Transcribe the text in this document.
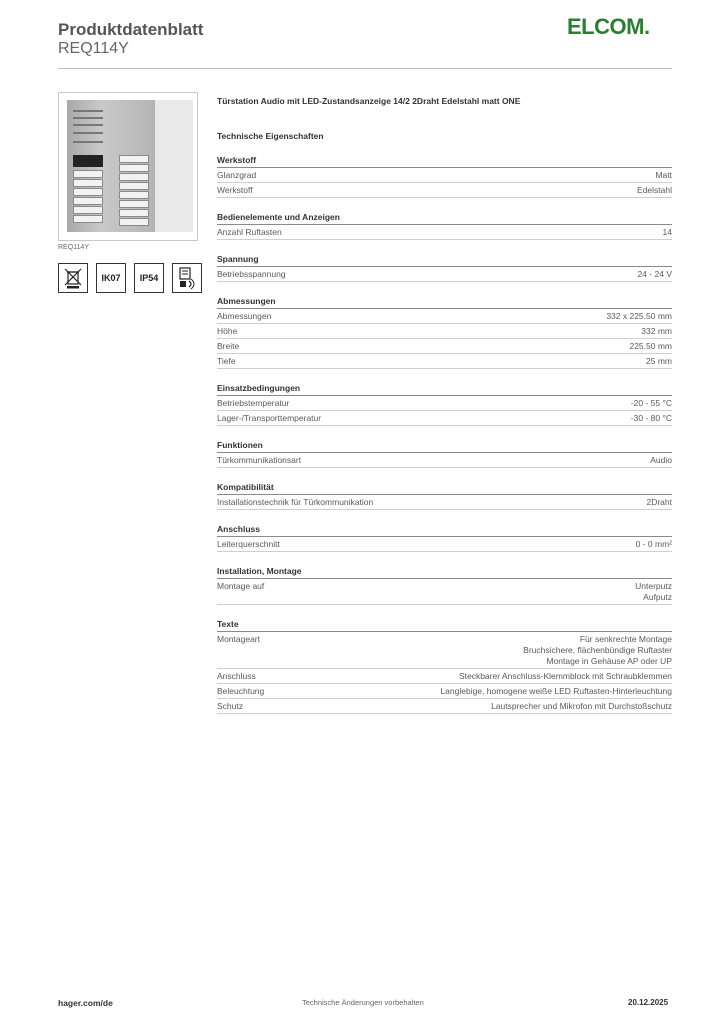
Produktdatenblatt
REQ114Y
ELCOM.
REQ114Y
IK07	IP54
Türstation Audio mit LED-Zustandsanzeige 14/2 2Draht Edelstahl matt ONE
Technische Eigenschaften
Werkstoff
Glanzgrad	Matt
Werkstoff	Edelstahl
Bedienelemente und Anzeigen
Anzahl Ruftasten	14
Spannung
Betriebsspannung	24 - 24 V
Abmessungen
Abmessungen	332 x 225.50 mm
Höhe	332 mm
Breite	225.50 mm
Tiefe	25 mm
Einsatzbedingungen
Betriebstemperatur	-20 - 55 °C
Lager-/Transporttemperatur	-30 - 80 °C
Funktionen
Türkommunikationsart	Audio
Kompatibilität
Installationstechnik für Türkommunikation	2Draht
Anschluss
Leiterquerschnitt	0 - 0 mm²
Installation, Montage
Montage auf	Unterputz
Aufputz
Texte
Montageart	Für senkrechte Montage
Bruchsichere, flächenbündige Ruftaster
Montage in Gehäuse AP oder UP
Anschluss	Steckbarer Anschluss-Klemmblock mit Schraubklemmen
Beleuchtung	Langlebige, homogene weiße LED Ruftasten-Hinterleuchtung
Schutz	Lautsprecher und Mikrofon mit Durchstoßschutz
hager.com/de	Technische Änderungen vorbehalten	20.12.2025
